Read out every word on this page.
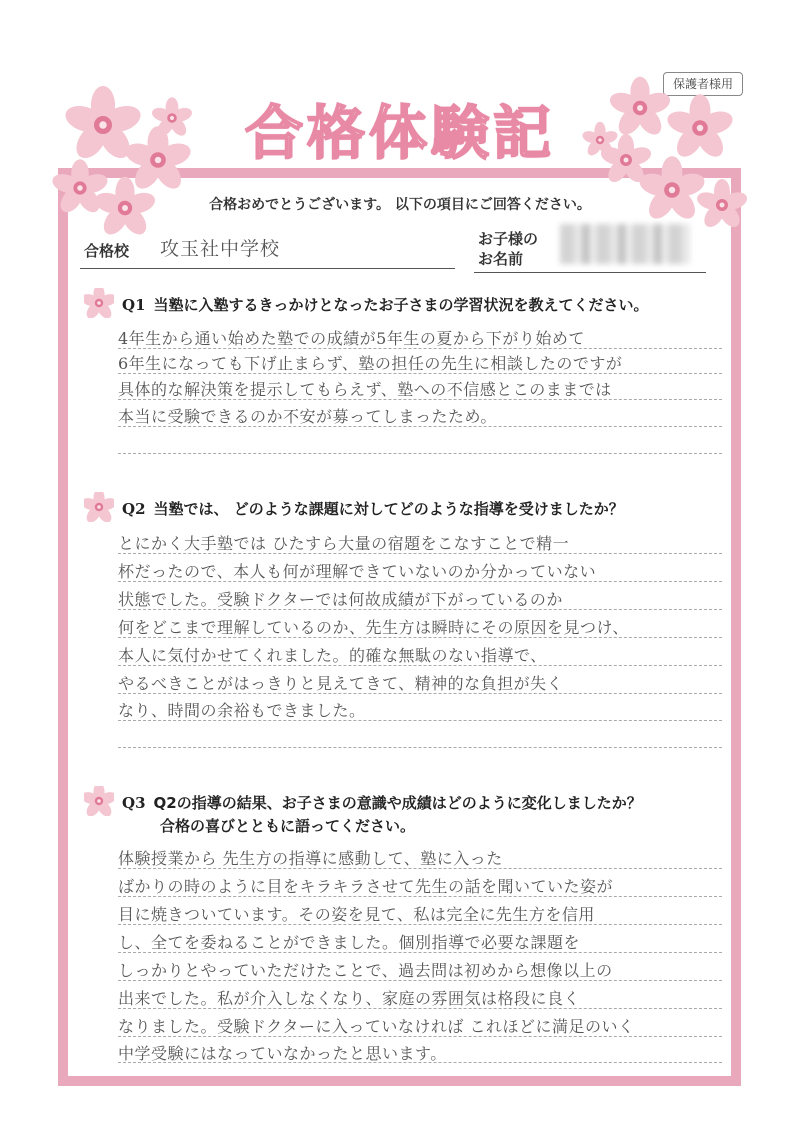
保護者様用
合格体験記
合格おめでとうございます。 以下の項目にご回答ください。
合格校 攻玉社中学校	お子様の
お名前
Q1 当塾に入塾するきっかけとなったお子さまの学習状況を教えてください。
4年生から通い始めた塾での成績が5年生の夏から下がり始めて
6年生になっても下げ止まらず、塾の担任の先生に相談したのですが
具体的な解決策を提示してもらえず、塾への不信感とこのままでは
本当に受験できるのか不安が募ってしまったため。
Q2 当塾では、 どのような課題に対してどのような指導を受けましたか？
とにかく大手塾では ひたすら大量の宿題をこなすことで精一
杯だったので、本人も何が理解できていないのか分かっていない
状態でした。受験ドクターでは何故成績が下がっているのか
何をどこまで理解しているのか、先生方は瞬時にその原因を見つけ、
本人に気付かせてくれました。的確な無駄のない指導で、
やるべきことがはっきりと見えてきて、精神的な負担が失く
なり、時間の余裕もできました。
Q3 Q2の指導の結果、お子さまの意識や成績はどのように変化しましたか？
合格の喜びとともに語ってください。
体験授業から 先生方の指導に感動して、塾に入った
ばかりの時のように目をキラキラさせて先生の話を聞いていた姿が
目に焼きついています。その姿を見て、私は完全に先生方を信用
し、全てを委ねることができました。個別指導で必要な課題を
しっかりとやっていただけたことで、過去問は初めから想像以上の
出来でした。私が介入しなくなり、家庭の雰囲気は格段に良く
なりました。受験ドクターに入っていなければ これほどに満足のいく
中学受験にはなっていなかったと思います。
